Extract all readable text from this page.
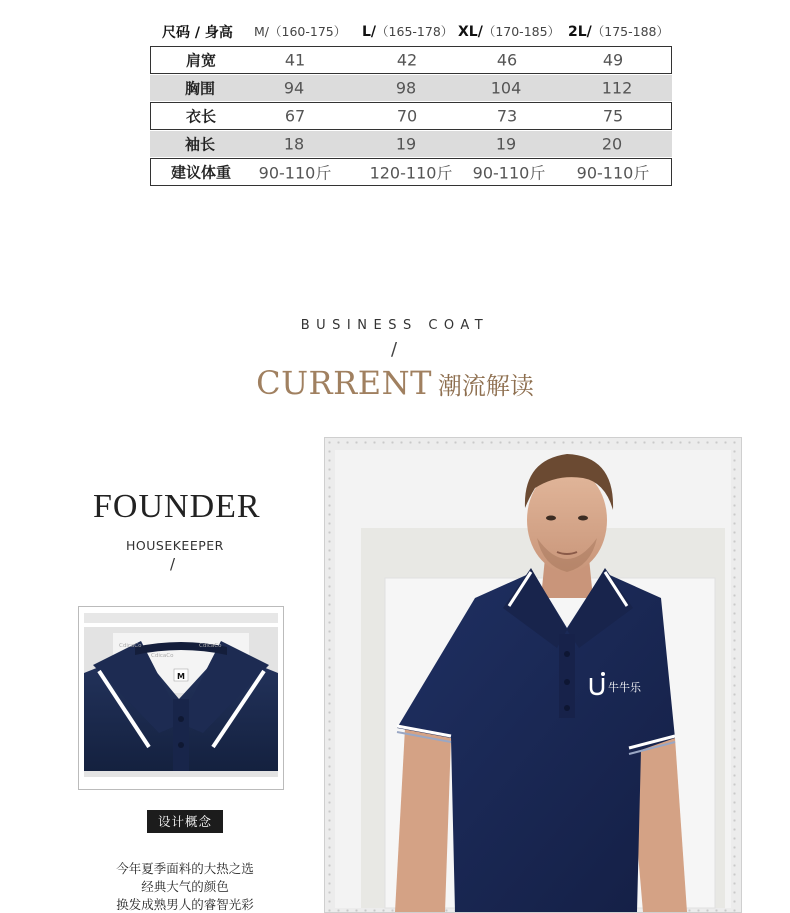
尺码 / 身高 M/（160-175） L/（165-178） XL/（170-185） 2L/（175-188）
肩宽	41	42	46	49
胸围	94	98	104	112
衣长	67	70	73	75
袖长	18	19	19	20
建议体重 90-110斤 120-110斤 90-110斤 90-110斤
BUSINESS COAT
/
CURRENT 潮流解读
FOUNDER
HOUSEKEEPER
/
M
CdicaCo	CdicaCo
CdicaCo
设计概念
今年夏季面料的大热之选
经典大气的颜色
换发成熟男人的睿智光彩
牛牛乐
